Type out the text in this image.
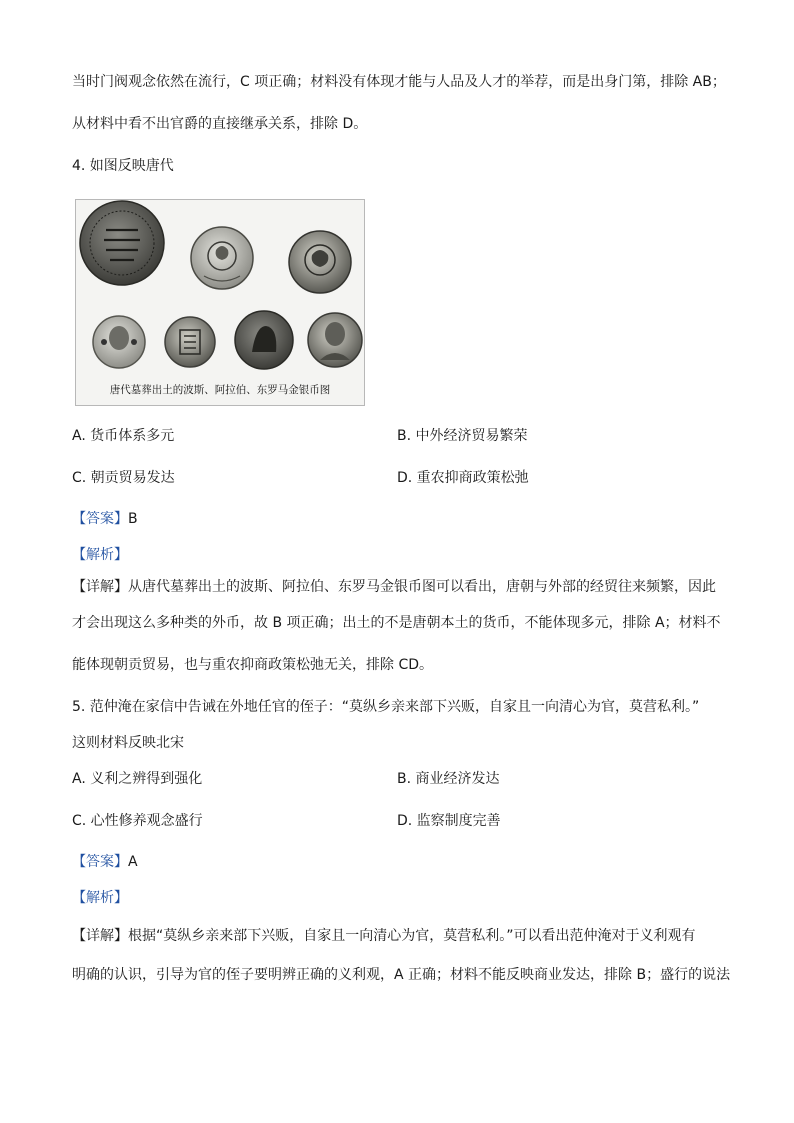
当时门阀观念依然在流行，C 项正确；材料没有体现才能与人品及人才的举荐，而是出身门第，排除 AB；
从材料中看不出官爵的直接继承关系，排除 D。
4. 如图反映唐代
唐代墓葬出土的波斯、阿拉伯、东罗马金银币图
A. 货币体系多元	B. 中外经济贸易繁荣
C. 朝贡贸易发达	D. 重农抑商政策松弛
【答案】B
【解析】
【详解】从唐代墓葬出土的波斯、阿拉伯、东罗马金银币图可以看出，唐朝与外部的经贸往来频繁，因此
才会出现这么多种类的外币，故 B 项正确；出土的不是唐朝本土的货币，不能体现多元，排除 A；材料不
能体现朝贡贸易，也与重农抑商政策松弛无关，排除 CD。
5. 范仲淹在家信中告诫在外地任官的侄子：“莫纵乡亲来部下兴贩，自家且一向清心为官，莫营私利。”
这则材料反映北宋
A. 义利之辨得到强化	B. 商业经济发达
C. 心性修养观念盛行	D. 监察制度完善
【答案】A
【解析】
【详解】根据“莫纵乡亲来部下兴贩，自家且一向清心为官，莫营私利。”可以看出范仲淹对于义利观有
明确的认识，引导为官的侄子要明辨正确的义利观，A 正确；材料不能反映商业发达，排除 B；盛行的说法
